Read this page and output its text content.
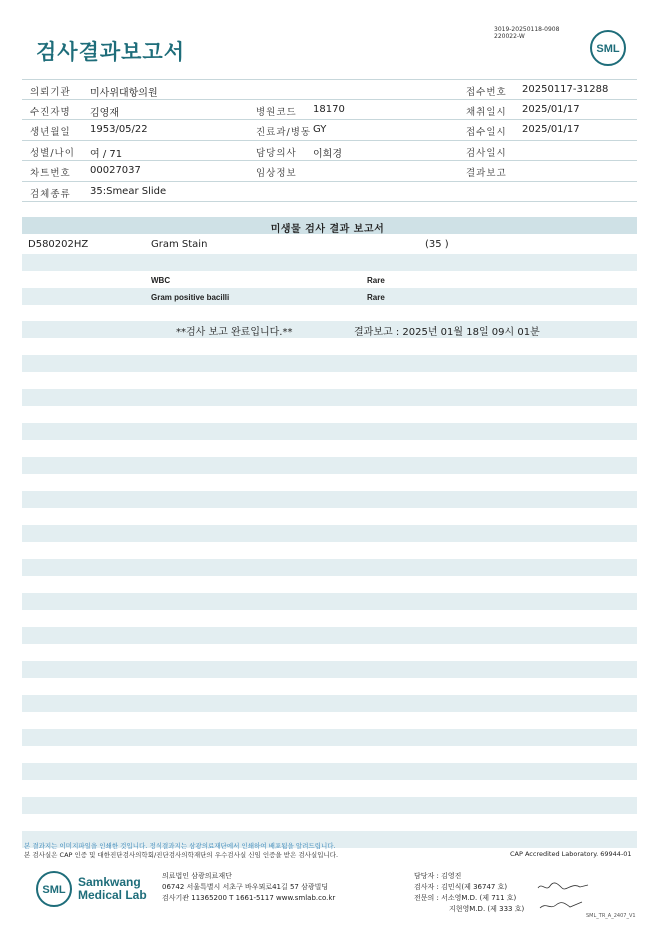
검사결과보고서
3019-20250118-0908
220022-W
SML
의뢰기관 미사위대항의원	접수번호 20250117-31288
수진자명 김영재	병원코드 18170	채취일시 2025/01/17
생년월일 1953/05/22	진료과/병동 GY	접수일시 2025/01/17
성별/나이 여 / 71	담당의사 이희경	검사일시
차트번호 00027037	임상정보	결과보고
검체종류 35:Smear Slide
미생물 검사 결과 보고서
D580202HZ	Gram Stain	(35 )
WBC	Rare
Gram positive bacilli	Rare
**검사 보고 완료입니다.**	결과보고 : 2025년 01월 18일 09시 01분
본 결과지는 이미지파일을 인쇄한 것입니다. 정식결과지는 삼광의료재단에서 인쇄하여 배포됨을 알려드립니다.
본 검사실은 CAP 인증 및 대한진단검사의학회/진단검사의학재단의 우수검사실 신임 인증을 받은 검사실입니다.	CAP Accredited Laboratory. 69944-01
SML
Samkwang
Medical Lab
의료법인 삼광의료재단
06742 서울특별시 서초구 바우뫼로41길 57 삼광빌딩
검사기관 11365200 T 1661-5117 www.smlab.co.kr
담당자 : 김영진
검사자 : 김민식(제 36747 호)
전문의 : 서소영M.D. (제 711 호)
지현영M.D. (제 333 호)
SML_TR_A_2407_V1
